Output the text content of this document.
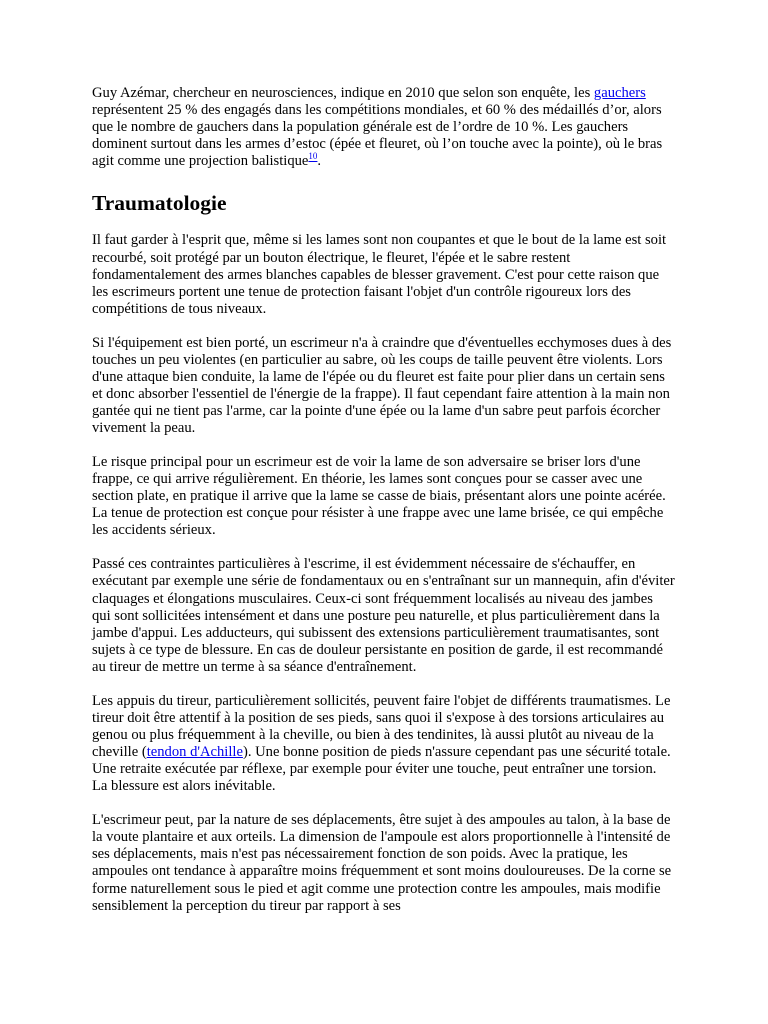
Guy Azémar, chercheur en neurosciences, indique en 2010 que selon son enquête, les gauchers représentent 25 % des engagés dans les compétitions mondiales, et 60 % des médaillés d’or, alors que le nombre de gauchers dans la population générale est de l’ordre de 10 %. Les gauchers dominent surtout dans les armes d’estoc (épée et fleuret, où l’on touche avec la pointe), où le bras agit comme une projection balistique$^{10}$.

Traumatologie

Il faut garder à l'esprit que, même si les lames sont non coupantes et que le bout de la lame est soit recourbé, soit protégé par un bouton électrique, le fleuret, l'épée et le sabre restent fondamentalement des armes blanches capables de blesser gravement. C'est pour cette raison que les escrimeurs portent une tenue de protection faisant l'objet d'un contrôle rigoureux lors des compétitions de tous niveaux.

Si l'équipement est bien porté, un escrimeur n'a à craindre que d'éventuelles ecchymoses dues à des touches un peu violentes (en particulier au sabre, où les coups de taille peuvent être violents. Lors d'une attaque bien conduite, la lame de l'épée ou du fleuret est faite pour plier dans un certain sens et donc absorber l'essentiel de l'énergie de la frappe). Il faut cependant faire attention à la main non gantée qui ne tient pas l'arme, car la pointe d'une épée ou la lame d'un sabre peut parfois écorcher vivement la peau.

Le risque principal pour un escrimeur est de voir la lame de son adversaire se briser lors d'une frappe, ce qui arrive régulièrement. En théorie, les lames sont conçues pour se casser avec une section plate, en pratique il arrive que la lame se casse de biais, présentant alors une pointe acérée. La tenue de protection est conçue pour résister à une frappe avec une lame brisée, ce qui empêche les accidents sérieux.

Passé ces contraintes particulières à l'escrime, il est évidemment nécessaire de s'échauffer, en exécutant par exemple une série de fondamentaux ou en s'entraînant sur un mannequin, afin d'éviter claquages et élongations musculaires. Ceux-ci sont fréquemment localisés au niveau des jambes qui sont sollicitées intensément et dans une posture peu naturelle, et plus particulièrement dans la jambe d'appui. Les adducteurs, qui subissent des extensions particulièrement traumatisantes, sont sujets à ce type de blessure. En cas de douleur persistante en position de garde, il est recommandé au tireur de mettre un terme à sa séance d'entraînement.

Les appuis du tireur, particulièrement sollicités, peuvent faire l'objet de différents traumatismes. Le tireur doit être attentif à la position de ses pieds, sans quoi il s'expose à des torsions articulaires au genou ou plus fréquemment à la cheville, ou bien à des tendinites, là aussi plutôt au niveau de la cheville (tendon d'Achille). Une bonne position de pieds n'assure cependant pas une sécurité totale. Une retraite exécutée par réflexe, par exemple pour éviter une touche, peut entraîner une torsion. La blessure est alors inévitable.

L'escrimeur peut, par la nature de ses déplacements, être sujet à des ampoules au talon, à la base de la voute plantaire et aux orteils. La dimension de l'ampoule est alors proportionnelle à l'intensité de ses déplacements, mais n'est pas nécessairement fonction de son poids. Avec la pratique, les ampoules ont tendance à apparaître moins fréquemment et sont moins douloureuses. De la corne se forme naturellement sous le pied et agit comme une protection contre les ampoules, mais modifie sensiblement la perception du tireur par rapport à ses
